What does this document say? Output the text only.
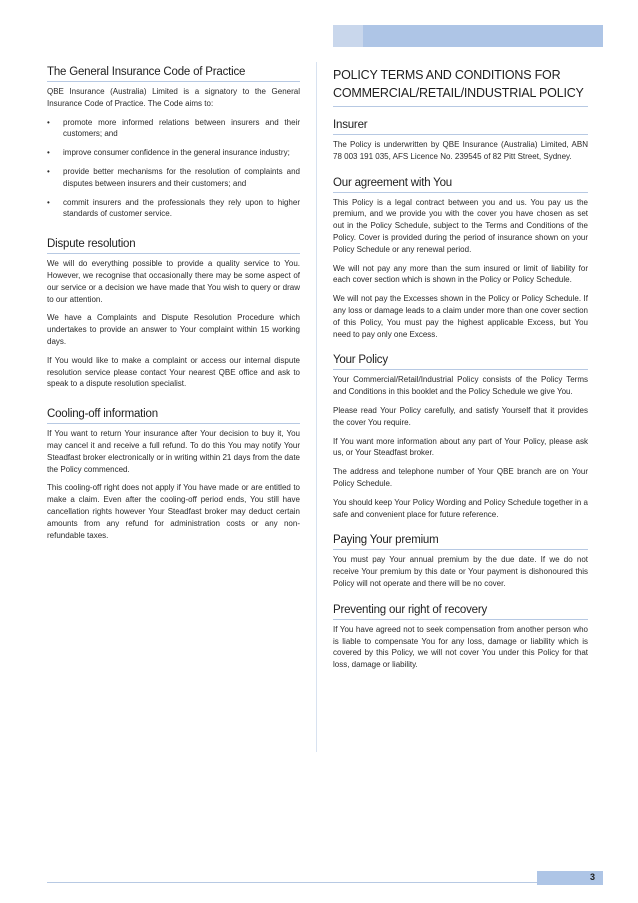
The General Insurance Code of Practice

QBE Insurance (Australia) Limited is a signatory to the General Insurance Code of Practice. The Code aims to:

• promote more informed relations between insurers and their customers; and
• improve consumer confidence in the general insurance industry;
• provide better mechanisms for the resolution of complaints and disputes between insurers and their customers; and
• commit insurers and the professionals they rely upon to higher standards of customer service.
Dispute resolution

We will do everything possible to provide a quality service to You. However, we recognise that occasionally there may be some aspect of our service or a decision we have made that You wish to query or draw to our attention.

We have a Complaints and Dispute Resolution Procedure which undertakes to provide an answer to Your complaint within 15 working days.

If You would like to make a complaint or access our internal dispute resolution service please contact Your nearest QBE office and ask to speak to a dispute resolution specialist.

Cooling-off information

If You want to return Your insurance after Your decision to buy it, You may cancel it and receive a full refund. To do this You may notify Your Steadfast broker electronically or in writing within 21 days from the date the Policy commenced.

This cooling-off right does not apply if You have made or are entitled to make a claim. Even after the cooling-off period ends, You still have cancellation rights however Your Steadfast broker may deduct certain amounts from any refund for administration costs or any non-refundable taxes.

POLICY TERMS AND CONDITIONS FOR COMMERCIAL/RETAIL/INDUSTRIAL POLICY
Insurer

The Policy is underwritten by QBE Insurance (Australia) Limited, ABN 78 003 191 035, AFS Licence No. 239545 of 82 Pitt Street, Sydney.

Our agreement with You

This Policy is a legal contract between you and us. You pay us the premium, and we provide you with the cover you have chosen as set out in the Policy Schedule, subject to the Terms and Conditions of the Policy. Cover is provided during the period of insurance shown on your Policy Schedule or any renewal period.

We will not pay any more than the sum insured or limit of liability for each cover section which is shown in the Policy or Policy Schedule.

We will not pay the Excesses shown in the Policy or Policy Schedule. If any loss or damage leads to a claim under more than one cover section of this Policy, You must pay the highest applicable Excess, but You need to pay only one Excess.

Your Policy

Your Commercial/Retail/Industrial Policy consists of the Policy Terms and Conditions in this booklet and the Policy Schedule we give You.

Please read Your Policy carefully, and satisfy Yourself that it provides the cover You require.

If You want more information about any part of Your Policy, please ask us, or Your Steadfast broker.

The address and telephone number of Your QBE branch are on Your Policy Schedule.

You should keep Your Policy Wording and Policy Schedule together in a safe and convenient place for future reference.

Paying Your premium

You must pay Your annual premium by the due date. If we do not receive Your premium by this date or Your payment is dishonoured this Policy will not operate and there will be no cover.

Preventing our right of recovery

If You have agreed not to seek compensation from another person who is liable to compensate You for any loss, damage or liability which is covered by this Policy, we will not cover You under this Policy for that loss, damage or liability.

3
